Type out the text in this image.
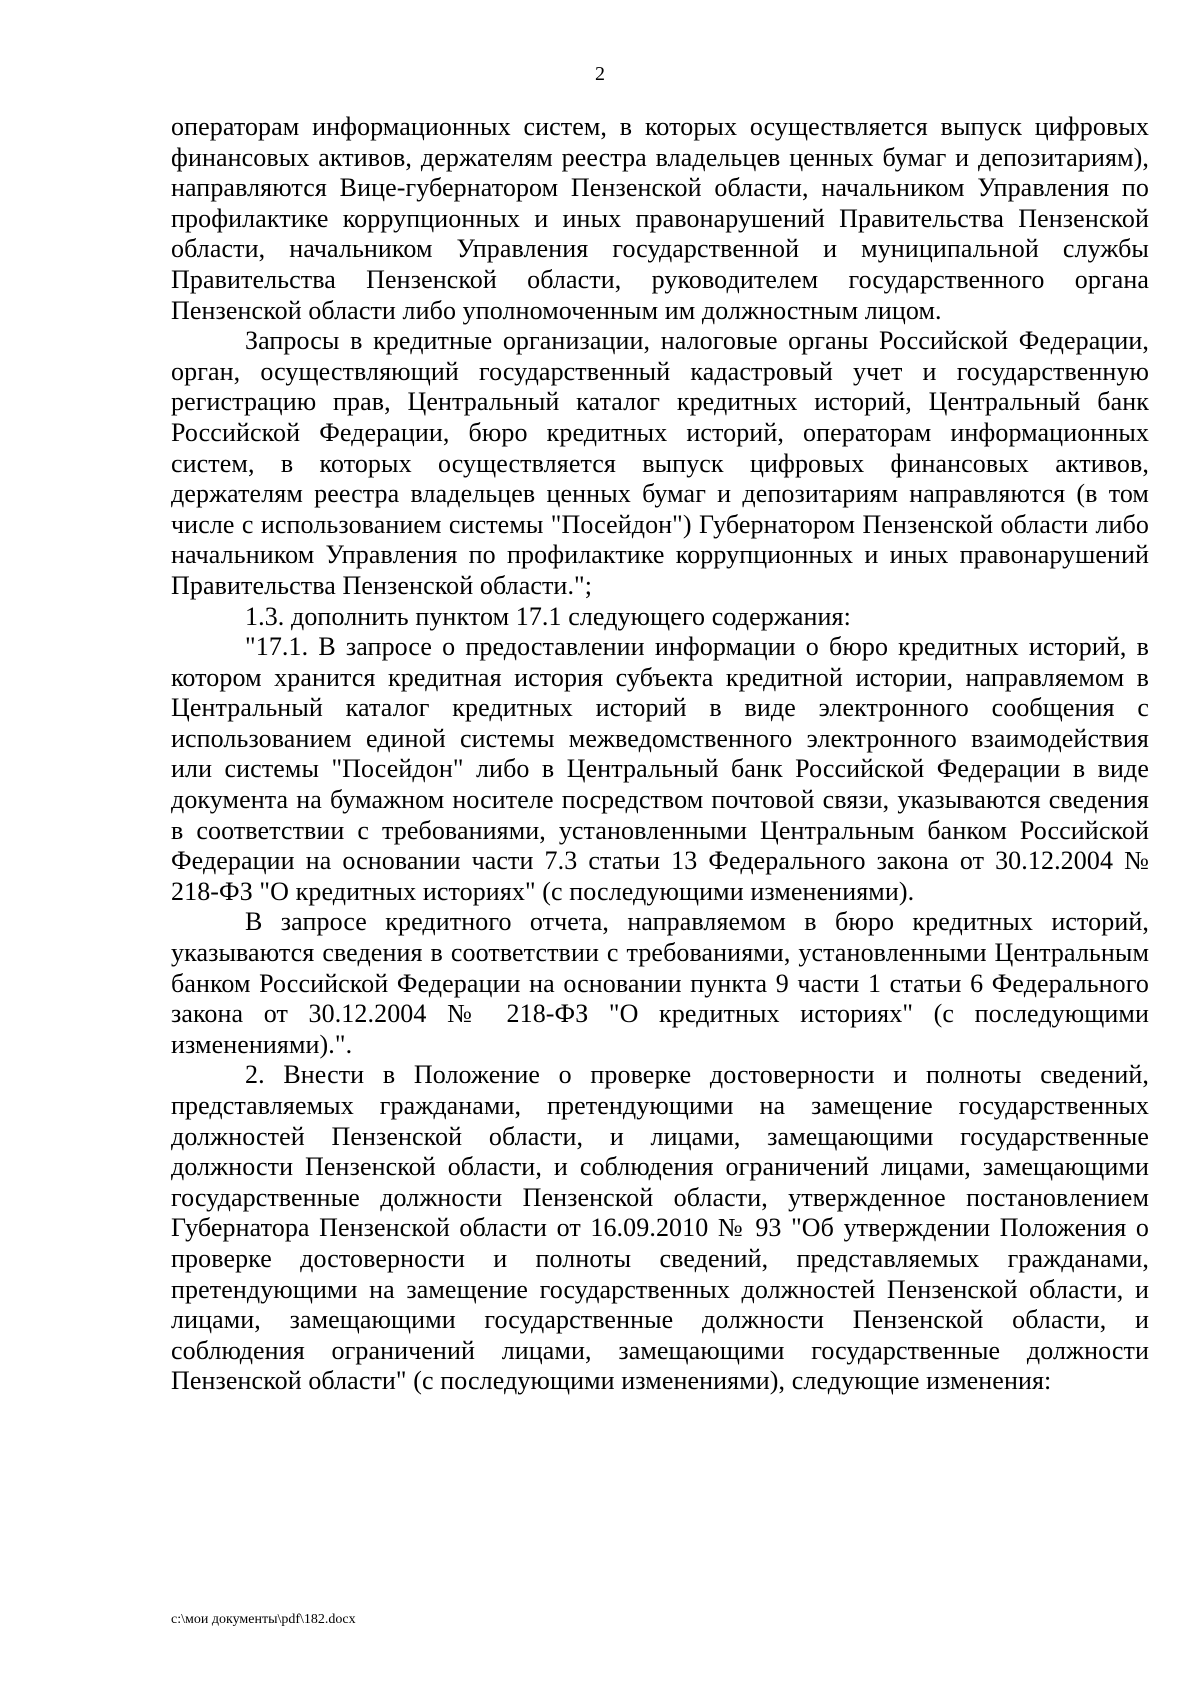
2

операторам информационных систем, в которых осуществляется выпуск цифровых финансовых активов, держателям реестра владельцев ценных бумаг и депозитариям), направляются Вице-губернатором Пензенской области, начальником Управления по профилактике коррупционных и иных правонарушений Правительства Пензенской области, начальником Управления государственной и муниципальной службы Правительства Пензенской области, руководителем государственного органа Пензенской области либо уполномоченным им должностным лицом.

Запросы в кредитные организации, налоговые органы Российской Федерации, орган, осуществляющий государственный кадастровый учет и государственную регистрацию прав, Центральный каталог кредитных историй, Центральный банк Российской Федерации, бюро кредитных историй, операторам информационных систем, в которых осуществляется выпуск цифровых финансовых активов, держателям реестра владельцев ценных бумаг и депозитариям направляются (в том числе с использованием системы "Посейдон") Губернатором Пензенской области либо начальником Управления по профилактике коррупционных и иных правонарушений Правительства Пензенской области.";

1.3. дополнить пунктом 17.1 следующего содержания:

"17.1. В запросе о предоставлении информации о бюро кредитных историй, в котором хранится кредитная история субъекта кредитной истории, направляемом в Центральный каталог кредитных историй в виде электронного сообщения с использованием единой системы межведомственного электронного взаимодействия или системы "Посейдон" либо в Центральный банк Российской Федерации в виде документа на бумажном носителе посредством почтовой связи, указываются сведения в соответствии с требованиями, установленными Центральным банком Российской Федерации на основании части 7.3 статьи 13 Федерального закона от 30.12.2004 № 218-ФЗ "О кредитных историях" (с последующими изменениями).

В запросе кредитного отчета, направляемом в бюро кредитных историй, указываются сведения в соответствии с требованиями, установленными Центральным банком Российской Федерации на основании пункта 9 части 1 статьи 6 Федерального закона от 30.12.2004 № 218-ФЗ "О кредитных историях" (с последующими изменениями).".

2. Внести в Положение о проверке достоверности и полноты сведений, представляемых гражданами, претендующими на замещение государственных должностей Пензенской области, и лицами, замещающими государственные должности Пензенской области, и соблюдения ограничений лицами, замещающими государственные должности Пензенской области, утвержденное постановлением Губернатора Пензенской области от 16.09.2010 № 93 "Об утверждении Положения о проверке достоверности и полноты сведений, представляемых гражданами, претендующими на замещение государственных должностей Пензенской области, и лицами, замещающими государственные должности Пензенской области, и соблюдения ограничений лицами, замещающими государственные должности Пензенской области" (с последующими изменениями), следующие изменения:

c:\мои документы\pdf\182.docx
